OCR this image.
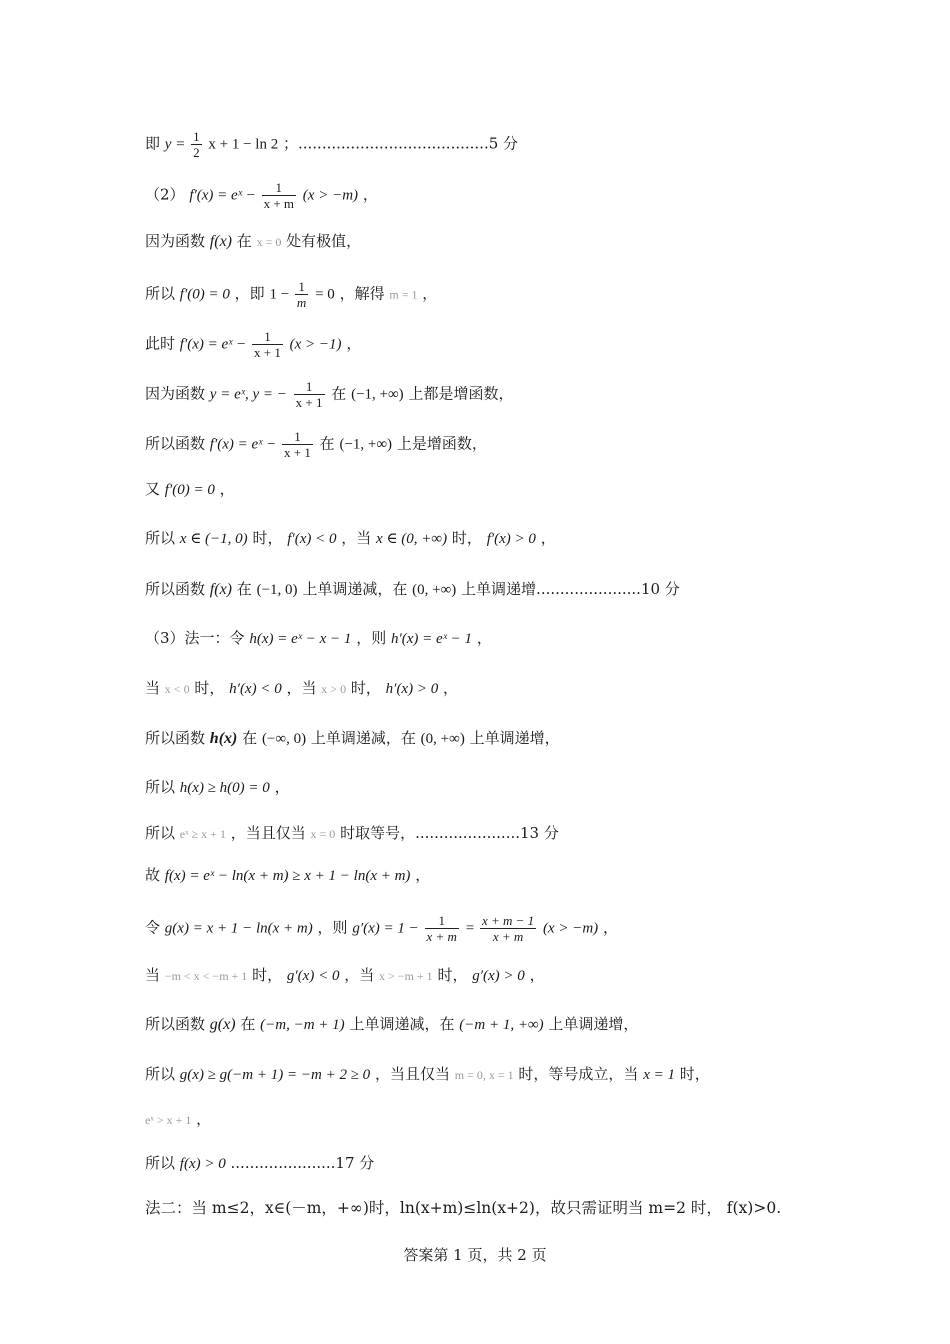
即 $y = \frac{1}{2}$ x + 1 − ln 2 ；........................................5 分
（2） f′(x) = eˣ − $\frac{1}{x + m} (x > -m)$ ，
因为函数 f(x) 在 x = 0 处有极值，
所以 f′(0) = 0 ，即 $1 - \frac{1}{m} = 0$ ，解得 m = 1 ，
此时 f′(x) = eˣ − $\frac{1}{x + 1} (x > -1)$ ，
因为函数 y = eˣ, y = − $\frac{1}{x + 1}$ 在 (−1, +∞) 上都是增函数，
所以函数 f′(x) = eˣ − $\frac{1}{x + 1}$ 在 (−1, +∞) 上是增函数，
又 f′(0) = 0 ，
所以 x ∈ (−1, 0) 时， f′(x) < 0 ，当 x ∈ (0, +∞) 时， f′(x) > 0 ，
所以函数 f(x) 在 (−1, 0) 上单调递减，在 (0, +∞) 上单调递增......................10 分
（3）法一：令 h(x) = eˣ − x − 1 ，则 h′(x) = eˣ − 1 ，
当 x < 0 时， h′(x) < 0 ，当 x > 0 时， h′(x) > 0 ，
所以函数 h(x) 在 (−∞, 0) 上单调递减，在 (0, +∞) 上单调递增，
所以 h(x) ≥ h(0) = 0 ，
所以 eˣ ≥ x + 1 ，当且仅当 x = 0 时取等号，......................13 分
故 f(x) = eˣ − ln(x + m) ≥ x + 1 − ln(x + m) ，
令 g(x) = x + 1 − ln(x + m) ，则 $g'(x) = 1 - \frac{1}{x + m} = \frac{x + m - 1}{x + m} (x > -m)$ ，
当 −m < x < −m + 1 时， g′(x) < 0 ，当 x > −m + 1 时， g′(x) > 0 ，
所以函数 g(x) 在 (−m, −m + 1) 上单调递减，在 (−m + 1, +∞) 上单调递增，
所以 g(x) ≥ g(−m + 1) = −m + 2 ≥ 0 ，当且仅当 m = 0, x = 1 时，等号成立，当 x = 1 时，
eˣ > x + 1 ，
所以 f(x) > 0 ......................17 分
法二：当 m≤2，x∈(－m，+∞)时，ln(x+m)≤ln(x+2)，故只需证明当 m=2 时， f(x)>0.
答案第 1 页，共 2 页
